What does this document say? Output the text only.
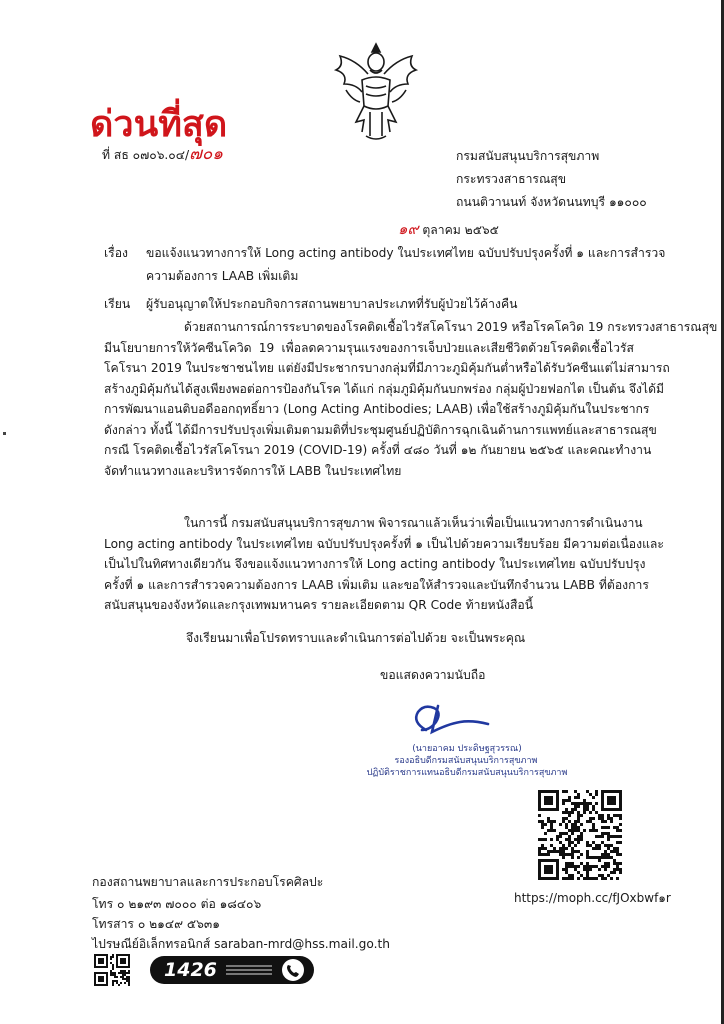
ด่วนที่สุด
ที่ สธ ๐๗๐๖.๐๔/๗๐๑	กรมสนับสนุนบริการสุขภาพ
กระทรวงสาธารณสุข
ถนนติวานนท์ จังหวัดนนทบุรี ๑๑๐๐๐
๑๙ ตุลาคม ๒๕๖๕
เรื่อง ขอแจ้งแนวทางการให้ Long acting antibody ในประเทศไทย ฉบับปรับปรุงครั้งที่ ๑ และการสำรวจ
ความต้องการ LAAB เพิ่มเติม
เรียน ผู้รับอนุญาตให้ประกอบกิจการสถานพยาบาลประเภทที่รับผู้ป่วยไว้ค้างคืน
ด้วยสถานการณ์การระบาดของโรคติดเชื้อไวรัสโคโรนา 2019 หรือโรคโควิด 19 กระทรวงสาธารณสุข
มีนโยบายการให้วัคซีนโควิด 19 เพื่อลดความรุนแรงของการเจ็บป่วยและเสียชีวิตด้วยโรคติดเชื้อไวรัส
โคโรนา 2019 ในประชาชนไทย แต่ยังมีประชากรบางกลุ่มที่มีภาวะภูมิคุ้มกันต่ำหรือได้รับวัคซีนแต่ไม่สามารถ
สร้างภูมิคุ้มกันได้สูงเพียงพอต่อการป้องกันโรค ได้แก่ กลุ่มภูมิคุ้มกันบกพร่อง กลุ่มผู้ป่วยฟอกไต เป็นต้น จึงได้มี
การพัฒนาแอนติบอดีออกฤทธิ์ยาว (Long Acting Antibodies; LAAB) เพื่อใช้สร้างภูมิคุ้มกันในประชากร
ดังกล่าว ทั้งนี้ ได้มีการปรับปรุงเพิ่มเติมตามมติที่ประชุมศูนย์ปฏิบัติการฉุกเฉินด้านการแพทย์และสาธารณสุข
กรณี โรคติดเชื้อไวรัสโคโรนา 2019 (COVID-19) ครั้งที่ ๔๘๐ วันที่ ๑๒ กันยายน ๒๕๖๕ และคณะทำงาน
จัดทำแนวทางและบริหารจัดการให้ LABB ในประเทศไทย
ในการนี้ กรมสนับสนุนบริการสุขภาพ พิจารณาแล้วเห็นว่าเพื่อเป็นแนวทางการดำเนินงาน
Long acting antibody ในประเทศไทย ฉบับปรับปรุงครั้งที่ ๑ เป็นไปด้วยความเรียบร้อย มีความต่อเนื่องและ
เป็นไปในทิศทางเดียวกัน จึงขอแจ้งแนวทางการให้ Long acting antibody ในประเทศไทย ฉบับปรับปรุง
ครั้งที่ ๑ และการสำรวจความต้องการ LAAB เพิ่มเติม และขอให้สำรวจและบันทึกจำนวน LABB ที่ต้องการ
สนับสนุนของจังหวัดและกรุงเทพมหานคร รายละเอียดตาม QR Code ท้ายหนังสือนี้
จึงเรียนมาเพื่อโปรดทราบและดำเนินการต่อไปด้วย จะเป็นพระคุณ
ขอแสดงความนับถือ
(นายอาคม ประดิษฐสุวรรณ)
รองอธิบดีกรมสนับสนุนบริการสุขภาพ
ปฏิบัติราชการแทนอธิบดีกรมสนับสนุนบริการสุขภาพ
https://moph.cc/fJOxbwf๑r
กองสถานพยาบาลและการประกอบโรคศิลปะ
โทร ๐ ๒๑๙๓ ๗๐๐๐ ต่อ ๑๘๔๐๖
โทรสาร ๐ ๒๑๔๙ ๕๖๓๑
ไปรษณีย์อิเล็กทรอนิกส์ saraban-mrd@hss.mail.go.th
1426
